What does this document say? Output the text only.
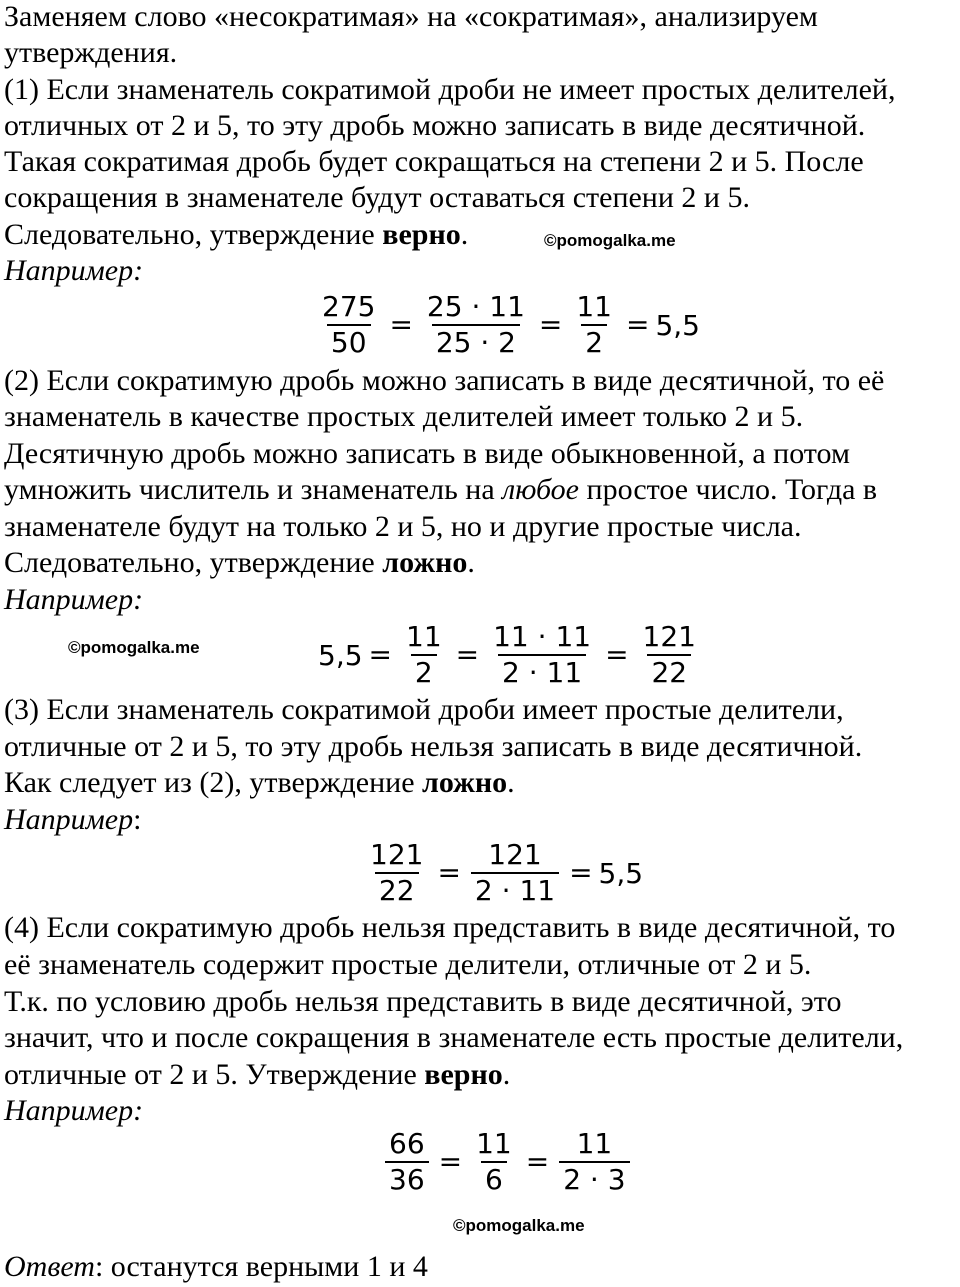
Заменяем слово «несократимая» на «сократимая», анализируем
утверждения.
(1) Если знаменатель сократимой дроби не имеет простых делителей,
отличных от 2 и 5, то эту дробь можно записать в виде десятичной.
Такая сократимая дробь будет сокращаться на степени 2 и 5. После
сокращения в знаменателе будут оставаться степени 2 и 5.
Следовательно, утверждение верно.	©pomogalka.me
Например:
$\frac{275}{50} = \frac{25 \cdot 11}{25 \cdot 2} = \frac{11}{2} = 5,5$
(2) Если сократимую дробь можно записать в виде десятичной, то её
знаменатель в качестве простых делителей имеет только 2 и 5.
Десятичную дробь можно записать в виде обыкновенной, а потом
умножить числитель и знаменатель на любое простое число. Тогда в
знаменателе будут на только 2 и 5, но и другие простые числа.
Следовательно, утверждение ложно.
Например:
©pomogalka.me	$5,5 = \frac{11}{2} = \frac{11 \cdot 11}{2 \cdot 11} = \frac{121}{22}$
(3) Если знаменатель сократимой дроби имеет простые делители,
отличные от 2 и 5, то эту дробь нельзя записать в виде десятичной.
Как следует из (2), утверждение ложно.
Например:
$\frac{121}{22} = \frac{121}{2 \cdot 11} = 5,5$
(4) Если сократимую дробь нельзя представить в виде десятичной, то
её знаменатель содержит простые делители, отличные от 2 и 5.
Т.к. по условию дробь нельзя представить в виде десятичной, это
значит, что и после сокращения в знаменателе есть простые делители,
отличные от 2 и 5. Утверждение верно.
Например:
$\frac{66}{36} = \frac{11}{6} = \frac{11}{2 \cdot 3}$
©pomogalka.me
Ответ: останутся верными 1 и 4
